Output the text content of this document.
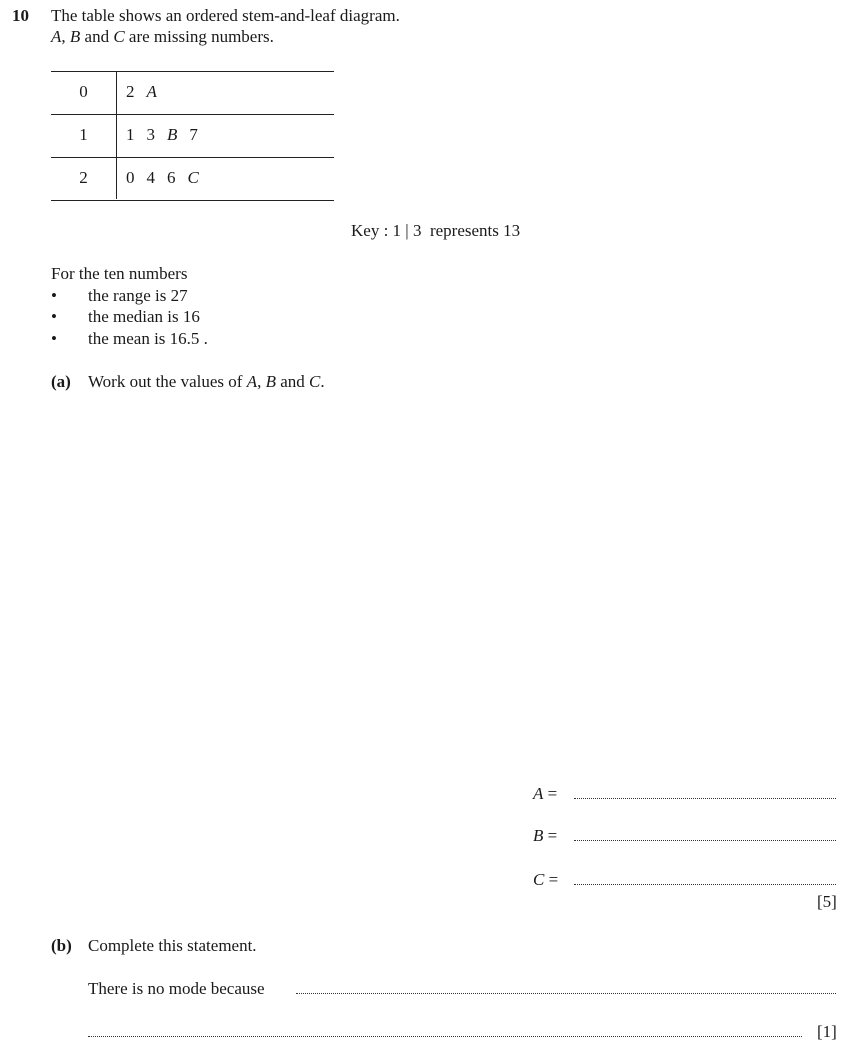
10 The table shows an ordered stem-and-leaf diagram.
A, B and C are missing numbers.
0	2 A
1	1 3 B 7
2	0 4 6 C
Key : 1 | 3  represents 13
For the ten numbers
• the range is 27
• the median is 16
• the mean is 16.5 .
(a) Work out the values of A, B and C.
A =
B =
C =
[5]
(b) Complete this statement.
There is no mode because
[1]
